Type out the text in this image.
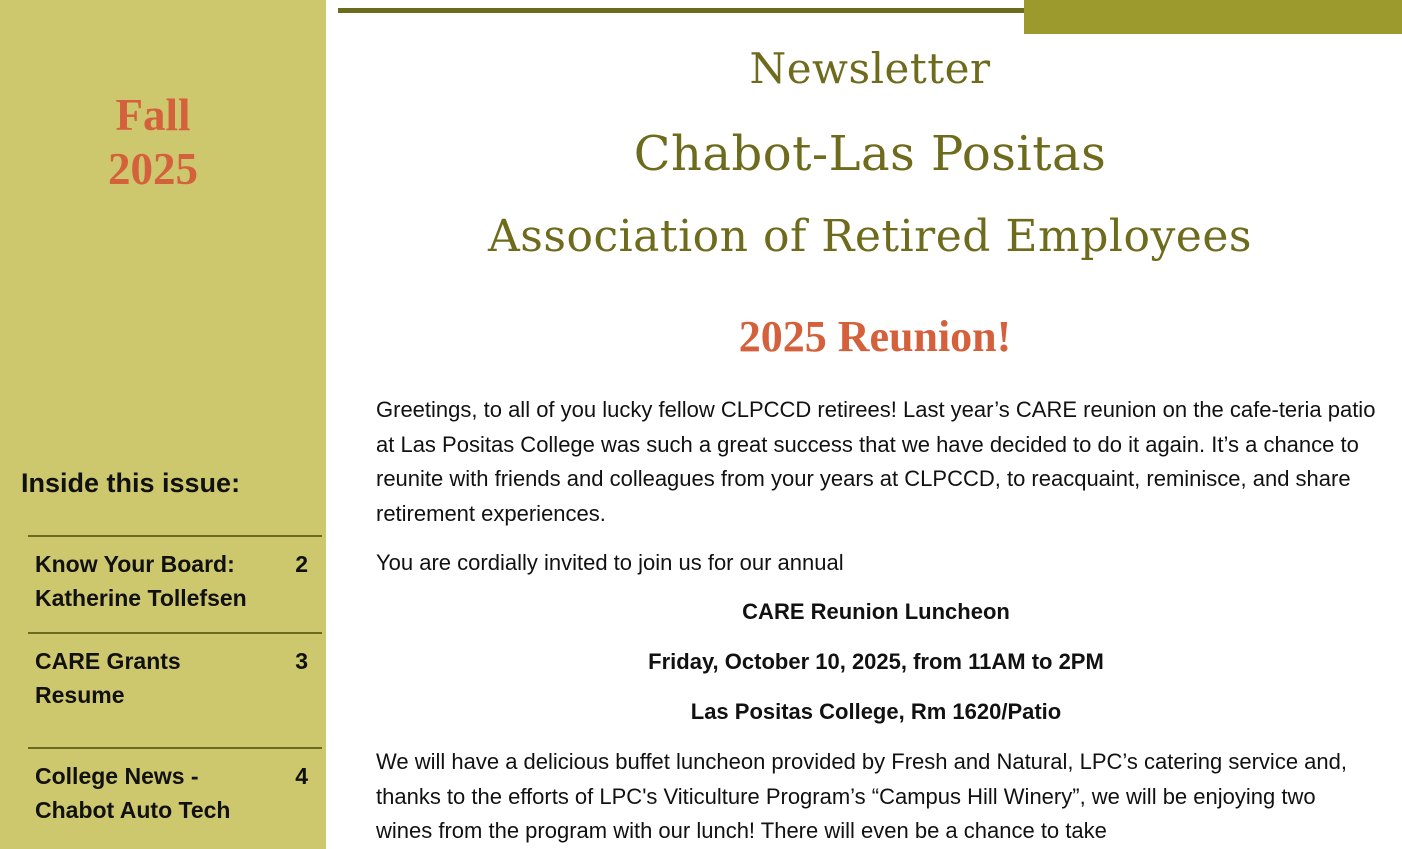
Fall
2025
Inside this issue:
Know Your Board:
Katherine Tollefsen
2
CARE Grants
Resume
3
College News -
Chabot Auto Tech
4
Newsletter
Chabot-Las Positas
Association of Retired Employees
2025 Reunion!
Greetings, to all of you lucky fellow CLPCCD retirees! Last year’s CARE reunion on the cafe-teria patio at Las Positas College was such a great success that we have decided to do it again. It’s a chance to reunite with friends and colleagues from your years at CLPCCD, to reacquaint, reminisce, and share retirement experiences.
You are cordially invited to join us for our annual
CARE Reunion Luncheon
Friday, October 10, 2025, from 11AM to 2PM
Las Positas College, Rm 1620/Patio
We will have a delicious buffet luncheon provided by Fresh and Natural, LPC’s catering service and, thanks to the efforts of LPC's Viticulture Program’s “Campus Hill Winery”, we will be enjoying two wines from the program with our lunch! There will even be a chance to take
